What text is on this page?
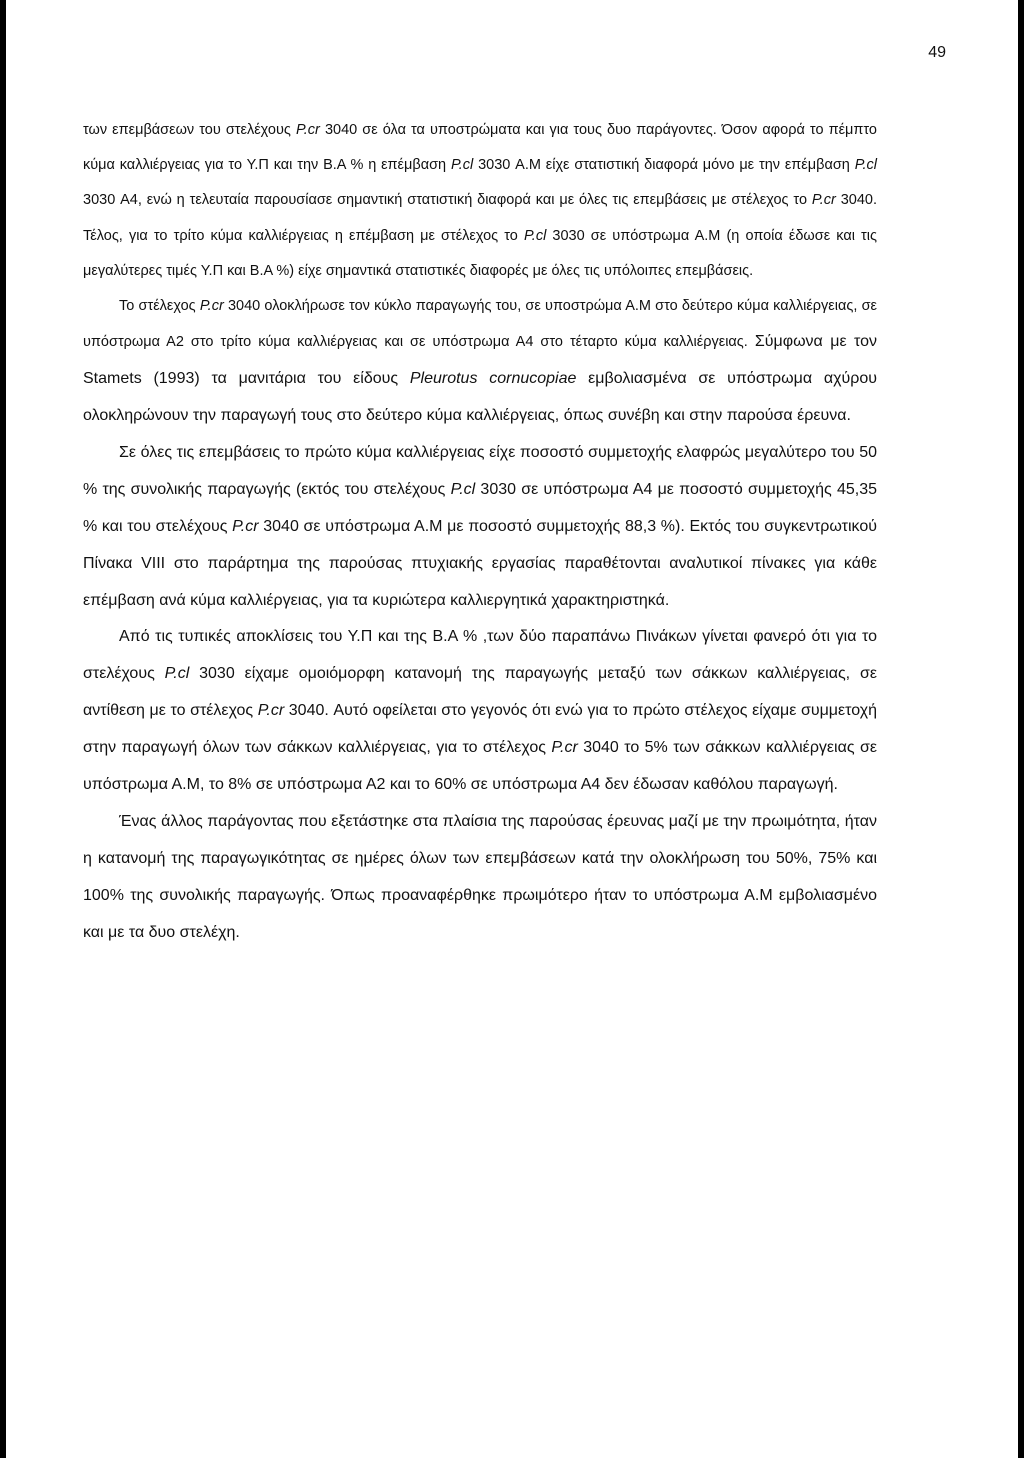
49

των επεμβάσεων του στελέχους P.cr 3040 σε όλα τα υποστρώματα και για τους δυο παράγοντες. Όσον αφορά το πέμπτο κύμα καλλιέργειας για το Υ.Π και την Β.Α % η επέμβαση P.cl 3030 Α.Μ είχε στατιστική διαφορά μόνο με την επέμβαση P.cl 3030 Α4, ενώ η τελευταία παρουσίασε σημαντική στατιστική διαφορά και με όλες τις επεμβάσεις με στέλεχος το P.cr 3040. Τέλος, για το τρίτο κύμα καλλιέργειας η επέμβαση με στέλεχος το P.cl 3030 σε υπόστρωμα Α.Μ (η οποία έδωσε και τις μεγαλύτερες τιμές Υ.Π και Β.Α %) είχε σημαντικά στατιστικές διαφορές με όλες τις υπόλοιπες επεμβάσεις.

Το στέλεχος P.cr 3040 ολοκλήρωσε τον κύκλο παραγωγής του, σε υποστρώμα Α.Μ στο δεύτερο κύμα καλλιέργειας, σε υπόστρωμα Α2 στο τρίτο κύμα καλλιέργειας και σε υπόστρωμα Α4 στο τέταρτο κύμα καλλιέργειας. Σύμφωνα με τον Stamets (1993) τα μανιτάρια του είδους Pleurotus cornucopiae εμβολιασμένα σε υπόστρωμα αχύρου ολοκληρώνουν την παραγωγή τους στο δεύτερο κύμα καλλιέργειας, όπως συνέβη και στην παρούσα έρευνα.

Σε όλες τις επεμβάσεις το πρώτο κύμα καλλιέργειας είχε ποσοστό συμμετοχής ελαφρώς μεγαλύτερο του 50 % της συνολικής παραγωγής (εκτός του στελέχους P.cl 3030 σε υπόστρωμα Α4 με ποσοστό συμμετοχής 45,35 % και του στελέχους P.cr 3040 σε υπόστρωμα Α.Μ με ποσοστό συμμετοχής 88,3 %). Εκτός του συγκεντρωτικού Πίνακα VIII στο παράρτημα της παρούσας πτυχιακής εργασίας παραθέτονται αναλυτικοί πίνακες για κάθε επέμβαση ανά κύμα καλλιέργειας, για τα κυριώτερα καλλιεργητικά χαρακτηριστηκά.

Από τις τυπικές αποκλίσεις του Υ.Π και της Β.Α % ,των δύο παραπάνω Πινάκων γίνεται φανερό ότι για το στελέχους P.cl 3030 είχαμε ομοιόμορφη κατανομή της παραγωγής μεταξύ των σάκκων καλλιέργειας, σε αντίθεση με το στέλεχος P.cr 3040. Αυτό οφείλεται στο γεγονός ότι ενώ για το πρώτο στέλεχος είχαμε συμμετοχή στην παραγωγή όλων των σάκκων καλλιέργειας, για το στέλεχος P.cr 3040 το 5% των σάκκων καλλιέργειας σε υπόστρωμα Α.Μ, το 8% σε υπόστρωμα Α2 και το 60% σε υπόστρωμα Α4 δεν έδωσαν καθόλου παραγωγή.

Ένας άλλος παράγοντας που εξετάστηκε στα πλαίσια της παρούσας έρευνας μαζί με την πρωιμότητα, ήταν η κατανομή της παραγωγικότητας σε ημέρες όλων των επεμβάσεων κατά την ολοκλήρωση του 50%, 75% και 100% της συνολικής παραγωγής. Όπως προαναφέρθηκε πρωιμότερο ήταν το υπόστρωμα Α.Μ εμβολιασμένο και με τα δυο στελέχη.
